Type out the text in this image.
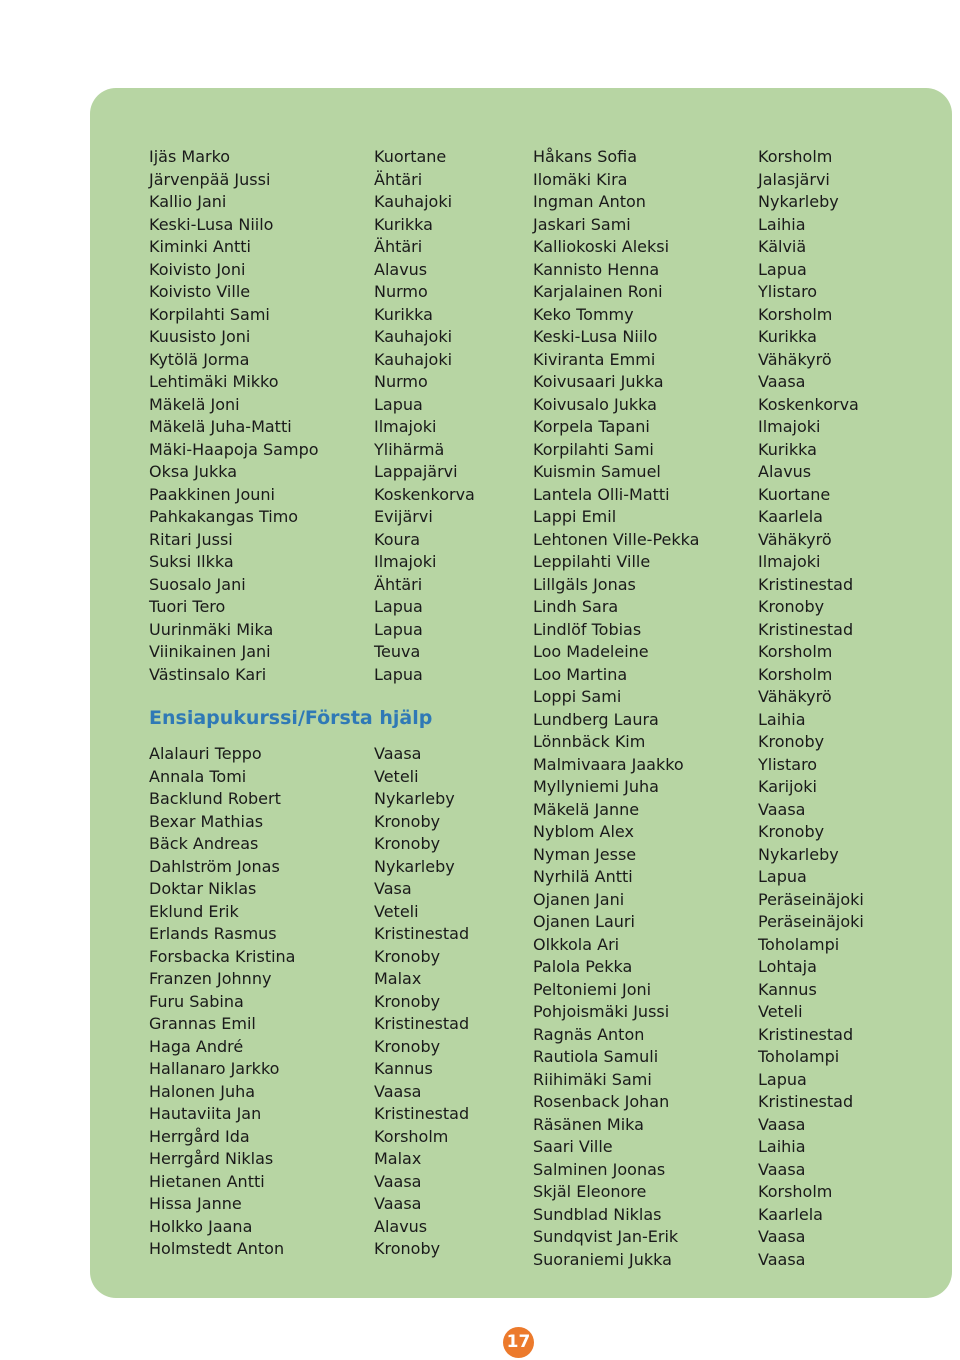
Ijäs Marko
Järvenpää Jussi
Kallio Jani
Keski-Lusa Niilo
Kiminki Antti
Koivisto Joni
Koivisto Ville
Korpilahti Sami
Kuusisto Joni
Kytölä Jorma
Lehtimäki Mikko
Mäkelä Joni
Mäkelä Juha-Matti
Mäki-Haapoja Sampo
Oksa Jukka
Paakkinen Jouni
Pahkakangas Timo
Ritari Jussi
Suksi Ilkka
Suosalo Jani
Tuori Tero
Uurinmäki Mika
Viinikainen Jani
Västinsalo Kari
Kuortane
Ähtäri
Kauhajoki
Kurikka
Ähtäri
Alavus
Nurmo
Kurikka
Kauhajoki
Kauhajoki
Nurmo
Lapua
Ilmajoki
Ylihärmä
Lappajärvi
Koskenkorva
Evijärvi
Koura
Ilmajoki
Ähtäri
Lapua
Lapua
Teuva
Lapua
Ensiapukurssi/Första hjälp
Alalauri Teppo
Annala Tomi
Backlund Robert
Bexar Mathias
Bäck Andreas
Dahlström Jonas
Doktar Niklas
Eklund Erik
Erlands Rasmus
Forsbacka Kristina
Franzen Johnny
Furu Sabina
Grannas Emil
Haga André
Hallanaro Jarkko
Halonen Juha
Hautaviita Jan
Herrgård Ida
Herrgård Niklas
Hietanen Antti
Hissa Janne
Holkko Jaana
Holmstedt Anton
Vaasa
Veteli
Nykarleby
Kronoby
Kronoby
Nykarleby
Vasa
Veteli
Kristinestad
Kronoby
Malax
Kronoby
Kristinestad
Kronoby
Kannus
Vaasa
Kristinestad
Korsholm
Malax
Vaasa
Vaasa
Alavus
Kronoby
Håkans Sofia
Ilomäki Kira
Ingman Anton
Jaskari Sami
Kalliokoski Aleksi
Kannisto Henna
Karjalainen Roni
Keko Tommy
Keski-Lusa Niilo
Kiviranta Emmi
Koivusaari Jukka
Koivusalo Jukka
Korpela Tapani
Korpilahti Sami
Kuismin Samuel
Lantela Olli-Matti
Lappi Emil
Lehtonen Ville-Pekka
Leppilahti Ville
Lillgäls Jonas
Lindh Sara
Lindlöf Tobias
Loo Madeleine
Loo Martina
Loppi Sami
Lundberg Laura
Lönnbäck Kim
Malmivaara Jaakko
Myllyniemi Juha
Mäkelä Janne
Nyblom Alex
Nyman Jesse
Nyrhilä Antti
Ojanen Jani
Ojanen Lauri
Olkkola Ari
Palola Pekka
Peltoniemi Joni
Pohjoismäki Jussi
Ragnäs Anton
Rautiola Samuli
Riihimäki Sami
Rosenback Johan
Räsänen Mika
Saari Ville
Salminen Joonas
Skjäl Eleonore
Sundblad Niklas
Sundqvist Jan-Erik
Suoraniemi Jukka
Korsholm
Jalasjärvi
Nykarleby
Laihia
Kälviä
Lapua
Ylistaro
Korsholm
Kurikka
Vähäkyrö
Vaasa
Koskenkorva
Ilmajoki
Kurikka
Alavus
Kuortane
Kaarlela
Vähäkyrö
Ilmajoki
Kristinestad
Kronoby
Kristinestad
Korsholm
Korsholm
Vähäkyrö
Laihia
Kronoby
Ylistaro
Karijoki
Vaasa
Kronoby
Nykarleby
Lapua
Peräseinäjoki
Peräseinäjoki
Toholampi
Lohtaja
Kannus
Veteli
Kristinestad
Toholampi
Lapua
Kristinestad
Vaasa
Laihia
Vaasa
Korsholm
Kaarlela
Vaasa
Vaasa
17
